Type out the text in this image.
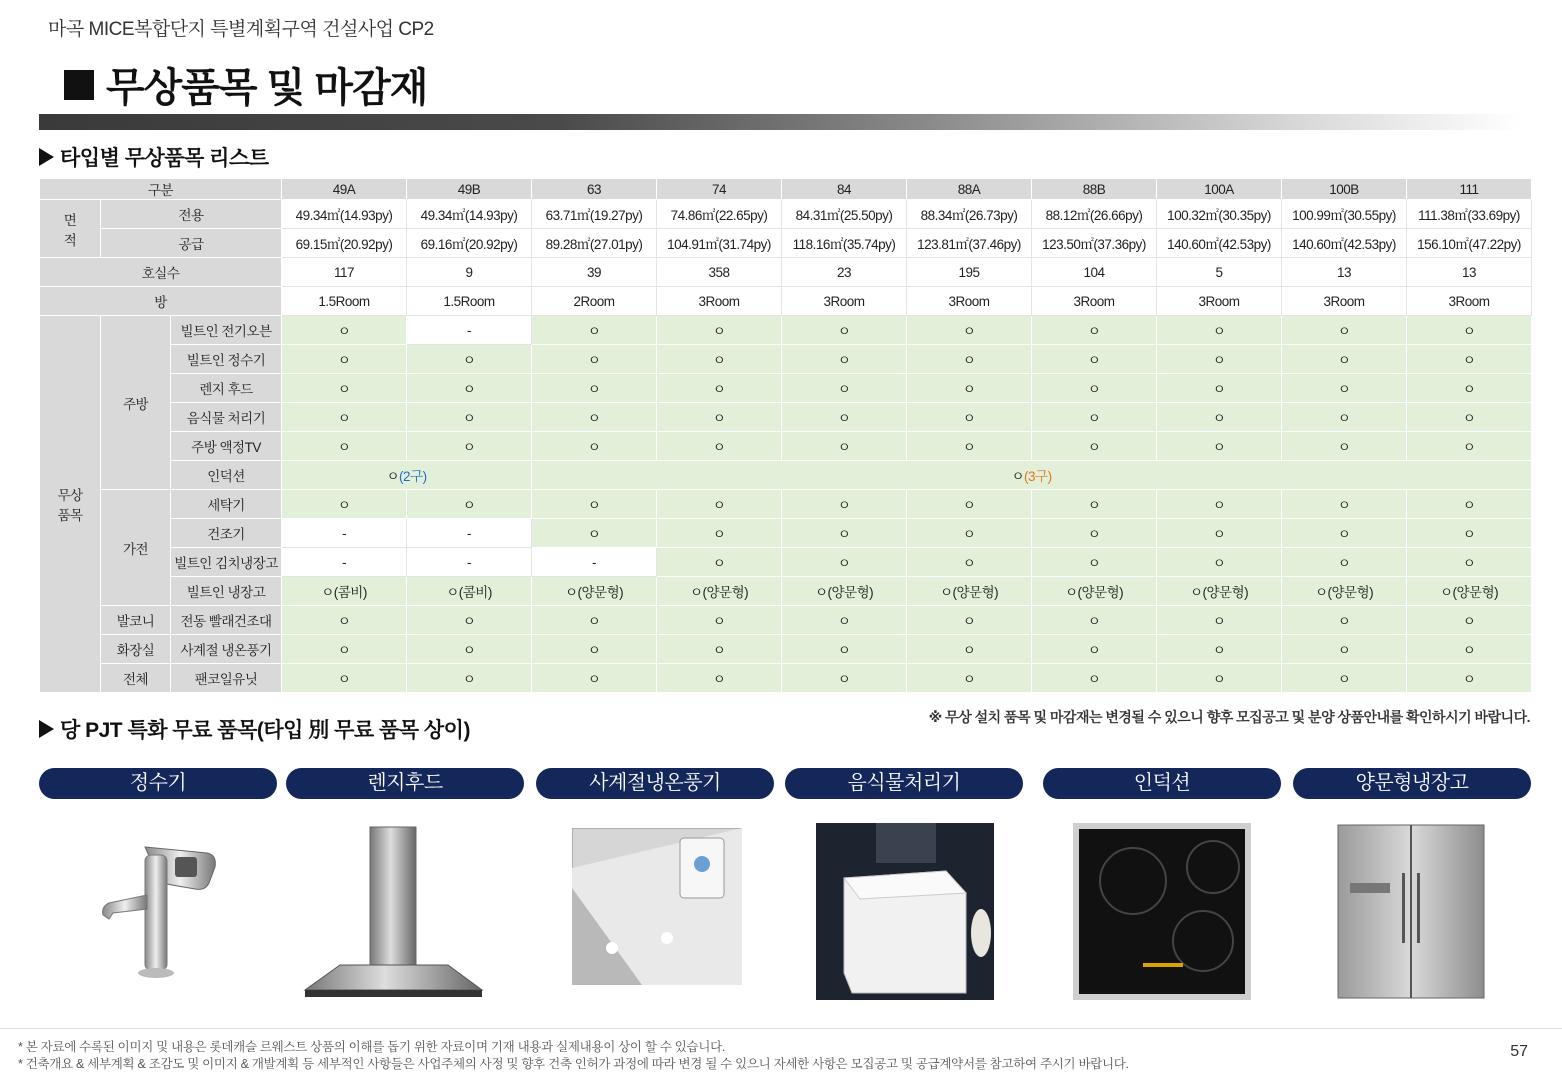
마곡 MICE복합단지 특별계획구역 건설사업 CP2
무상품목 및 마감재
타입별 무상품목 리스트
구분			49A	49B	63	74	84	88A	88B	100A	100B	111
면
적	전용		49.34㎡(14.93py)	49.34㎡(14.93py)	63.71㎡(19.27py)	74.86㎡(22.65py)	84.31㎡(25.50py)	88.34㎡(26.73py)	88.12㎡(26.66py)	100.32㎡(30.35py)	100.99㎡(30.55py)	111.38㎡(33.69py)
	공급		69.15㎡(20.92py)	69.16㎡(20.92py)	89.28㎡(27.01py)	104.91㎡(31.74py)	118.16㎡(35.74py)	123.81㎡(37.46py)	123.50㎡(37.36py)	140.60㎡(42.53py)	140.60㎡(42.53py)	156.10㎡(47.22py)
호실수			117	9	39	358	23	195	104	5	13	13
방			1.5Room	1.5Room	2Room	3Room	3Room	3Room	3Room	3Room	3Room	3Room
무상
품목	주방	빌트인 전기오븐	ㅇ	-	ㅇ	ㅇ	ㅇ	ㅇ	ㅇ	ㅇ	ㅇ	ㅇ
		빌트인 정수기	ㅇ	ㅇ	ㅇ	ㅇ	ㅇ	ㅇ	ㅇ	ㅇ	ㅇ	ㅇ
		렌지 후드	ㅇ	ㅇ	ㅇ	ㅇ	ㅇ	ㅇ	ㅇ	ㅇ	ㅇ	ㅇ
		음식물 처리기	ㅇ	ㅇ	ㅇ	ㅇ	ㅇ	ㅇ	ㅇ	ㅇ	ㅇ	ㅇ
		주방 액정TV	ㅇ	ㅇ	ㅇ	ㅇ	ㅇ	ㅇ	ㅇ	ㅇ	ㅇ	ㅇ
		인덕션	ㅇ(2구)		ㅇ(3구)							
	가전	세탁기	ㅇ	ㅇ	ㅇ	ㅇ	ㅇ	ㅇ	ㅇ	ㅇ	ㅇ	ㅇ
		건조기	-	-	ㅇ	ㅇ	ㅇ	ㅇ	ㅇ	ㅇ	ㅇ	ㅇ
		빌트인 김치냉장고	-	-	-	ㅇ	ㅇ	ㅇ	ㅇ	ㅇ	ㅇ	ㅇ
		빌트인 냉장고	ㅇ(콤비)	ㅇ(콤비)	ㅇ(양문형)	ㅇ(양문형)	ㅇ(양문형)	ㅇ(양문형)	ㅇ(양문형)	ㅇ(양문형)	ㅇ(양문형)	ㅇ(양문형)
	발코니	전동 빨래건조대	ㅇ	ㅇ	ㅇ	ㅇ	ㅇ	ㅇ	ㅇ	ㅇ	ㅇ	ㅇ
	화장실	사계절 냉온풍기	ㅇ	ㅇ	ㅇ	ㅇ	ㅇ	ㅇ	ㅇ	ㅇ	ㅇ	ㅇ
	전체	팬코일유닛	ㅇ	ㅇ	ㅇ	ㅇ	ㅇ	ㅇ	ㅇ	ㅇ	ㅇ	ㅇ
당 PJT 특화 무료 품목(타입 別 무료 품목 상이)
※ 무상 설치 품목 및 마감재는 변경될 수 있으니 향후 모집공고 및 분양 상품안내를 확인하시기 바랍니다.
정수기	렌지후드	사계절냉온풍기	음식물처리기	인덕션	양문형냉장고
* 본 자료에 수록된 이미지 및 내용은 롯데캐슬 르웨스트 상품의 이해를 돕기 위한 자료이며 기재 내용과 실제내용이 상이 할 수 있습니다.
* 건축개요 & 세부계획 & 조감도 및 이미지 & 개발계획 등 세부적인 사항들은 사업주체의 사정 및 향후 건축 인허가 과정에 따라 변경 될 수 있으니 자세한 사항은 모집공고 및 공급계약서를 참고하여 주시기 바랍니다.
57
